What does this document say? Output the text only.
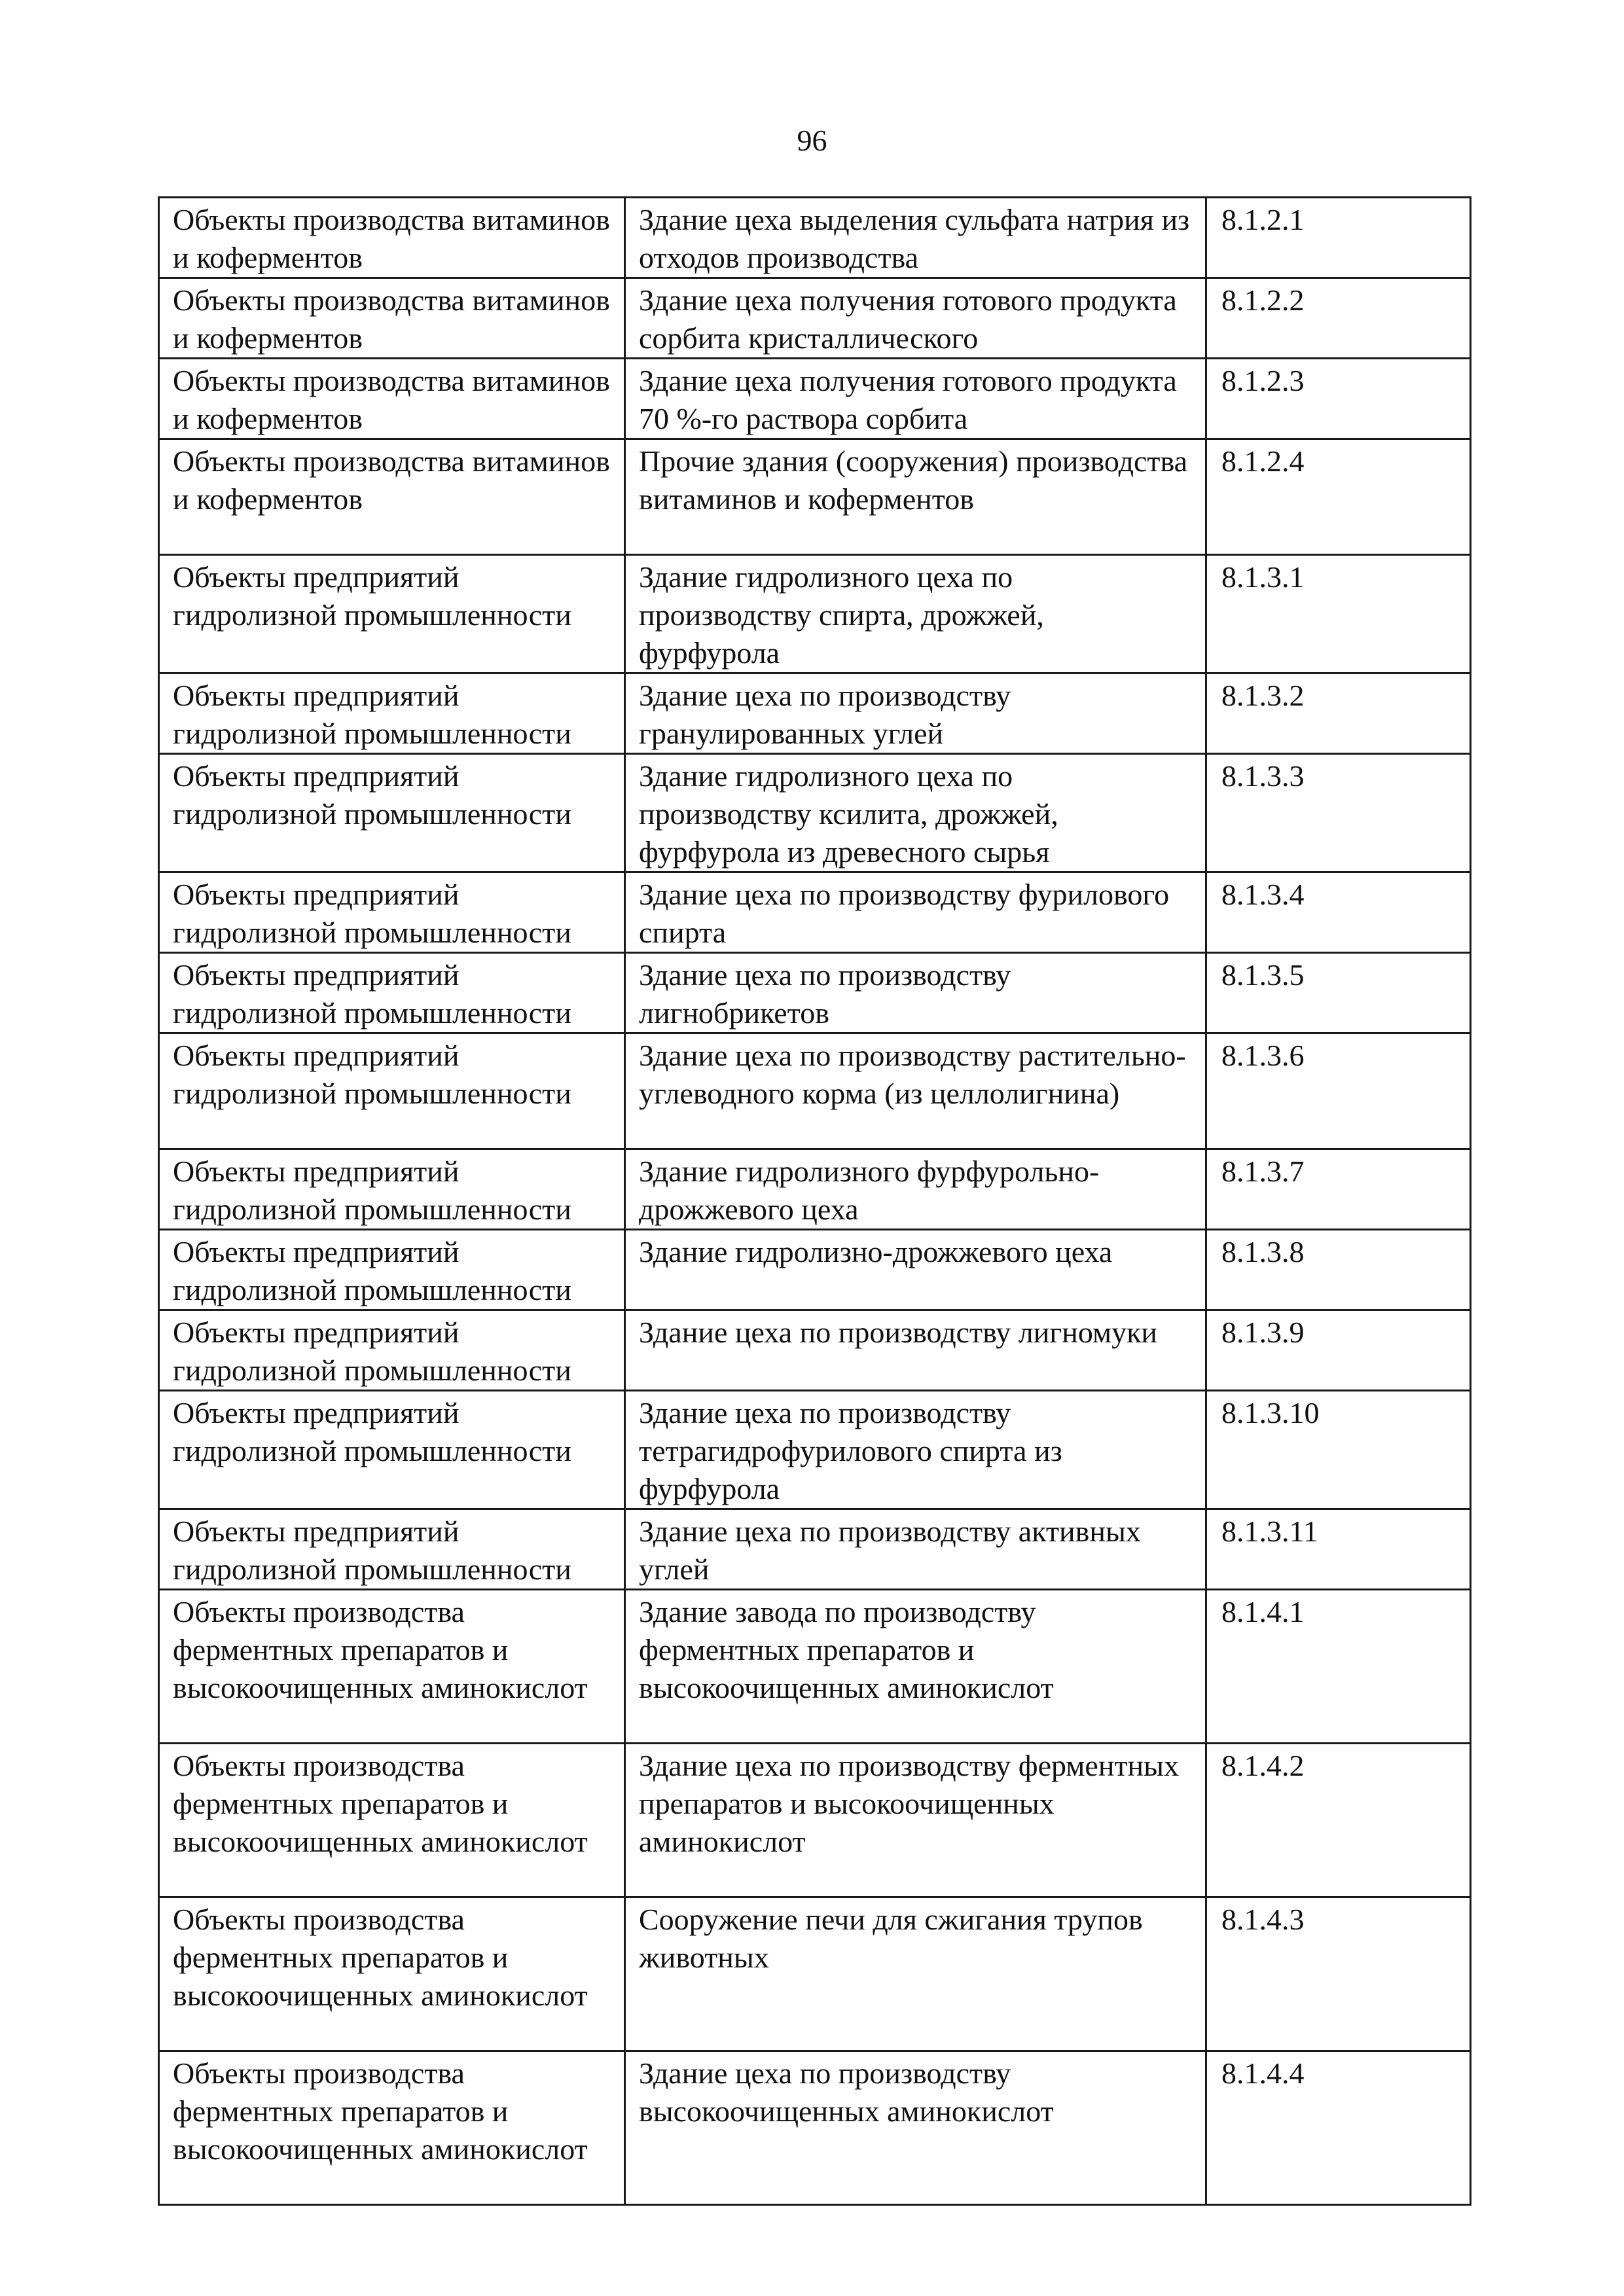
96
Объекты производства витаминов и коферментов	Здание цеха выделения сульфата натрия из отходов производства	8.1.2.1
Объекты производства витаминов и коферментов	Здание цеха получения готового продукта сорбита кристаллического	8.1.2.2
Объекты производства витаминов и коферментов	Здание цеха получения готового продукта 70 %-го раствора сорбита	8.1.2.3
Объекты производства витаминов и коферментов	Прочие здания (сооружения) производства витаминов и коферментов	8.1.2.4
Объекты предприятий гидролизной промышленности	Здание гидролизного цеха по производству спирта, дрожжей, фурфурола	8.1.3.1
Объекты предприятий гидролизной промышленности	Здание цеха по производству гранулированных углей	8.1.3.2
Объекты предприятий гидролизной промышленности	Здание гидролизного цеха по производству ксилита, дрожжей, фурфурола из древесного сырья	8.1.3.3
Объекты предприятий гидролизной промышленности	Здание цеха по производству фурилового спирта	8.1.3.4
Объекты предприятий гидролизной промышленности	Здание цеха по производству лигнобрикетов	8.1.3.5
Объекты предприятий гидролизной промышленности	Здание цеха по производству растительно-углеводного корма (из целлолигнина)	8.1.3.6
Объекты предприятий гидролизной промышленности	Здание гидролизного фурфурольно-дрожжевого цеха	8.1.3.7
Объекты предприятий гидролизной промышленности	Здание гидролизно-дрожжевого цеха	8.1.3.8
Объекты предприятий гидролизной промышленности	Здание цеха по производству лигномуки	8.1.3.9
Объекты предприятий гидролизной промышленности	Здание цеха по производству тетрагидрофурилового спирта из фурфурола	8.1.3.10
Объекты предприятий гидролизной промышленности	Здание цеха по производству активных углей	8.1.3.11
Объекты производства ферментных препаратов и высокоочищенных аминокислот	Здание завода по производству ферментных препаратов и высокоочищенных аминокислот	8.1.4.1
Объекты производства ферментных препаратов и высокоочищенных аминокислот	Здание цеха по производству ферментных препаратов и высокоочищенных аминокислот	8.1.4.2
Объекты производства ферментных препаратов и высокоочищенных аминокислот	Сооружение печи для сжигания трупов животных	8.1.4.3
Объекты производства ферментных препаратов и высокоочищенных аминокислот	Здание цеха по производству высокоочищенных аминокислот	8.1.4.4
